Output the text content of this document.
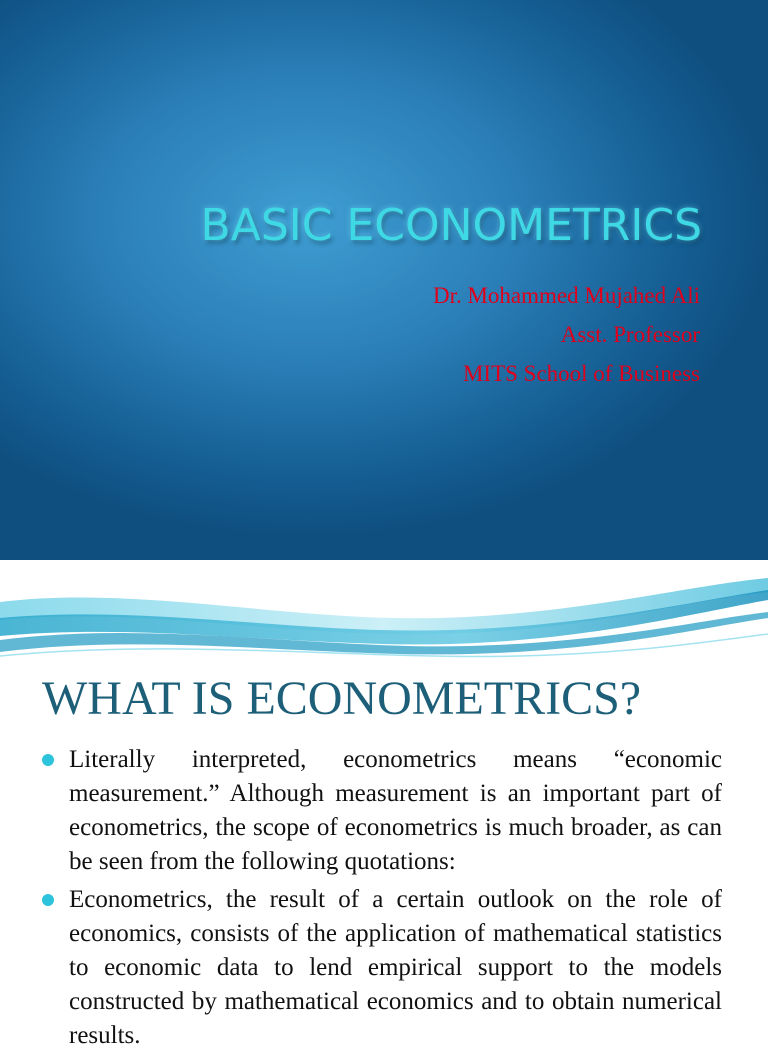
BASIC ECONOMETRICS
Dr. Mohammed Mujahed Ali
Asst. Professor
MITS School of Business
WHAT IS ECONOMETRICS?
Literally interpreted, econometrics means “economic measurement.” Although measurement is an important part of econometrics, the scope of econometrics is much broader, as can be seen from the following quotations:
Econometrics, the result of a certain outlook on the role of economics, consists of the application of mathematical statistics to economic data to lend empirical support to the models constructed by mathematical economics and to obtain numerical results.
